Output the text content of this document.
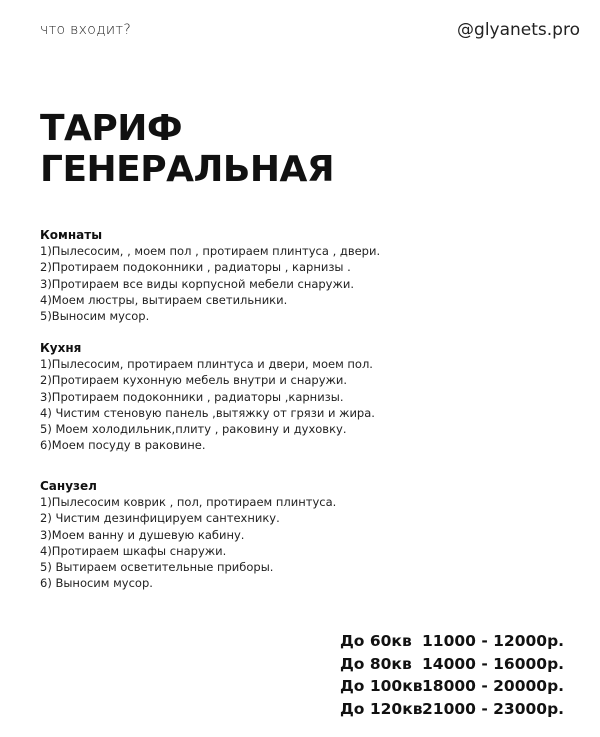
что входит?	@glyanets.pro
ТАРИФ
ГЕНЕРАЛЬНАЯ
Комнаты
1)Пылесосим, , моем пол , протираем плинтуса , двери.
2)Протираем подоконники , радиаторы , карнизы .
3)Протираем все виды корпусной мебели снаружи.
4)Моем люстры, вытираем светильники.
5)Выносим мусор.
Кухня
1)Пылесосим, протираем плинтуса и двери, моем пол.
2)Протираем кухонную мебель внутри и снаружи.
3)Протираем подоконники , радиаторы ,карнизы.
4) Чистим стеновую панель ,вытяжку от грязи и жира.
5) Моем холодильник,плиту , раковину и духовку.
6)Моем посуду в раковине.
Санузел
1)Пылесосим коврик , пол, протираем плинтуса.
2) Чистим дезинфицируем сантехнику.
3)Моем ванну и душевую кабину.
4)Протираем шкафы снаружи.
5) Вытираем осветительные приборы.
6) Выносим мусор.
До 60кв 11000 - 12000р.
До 80кв 14000 - 16000р.
До 100кв18000 - 20000р.
До 120кв21000 - 23000р.
